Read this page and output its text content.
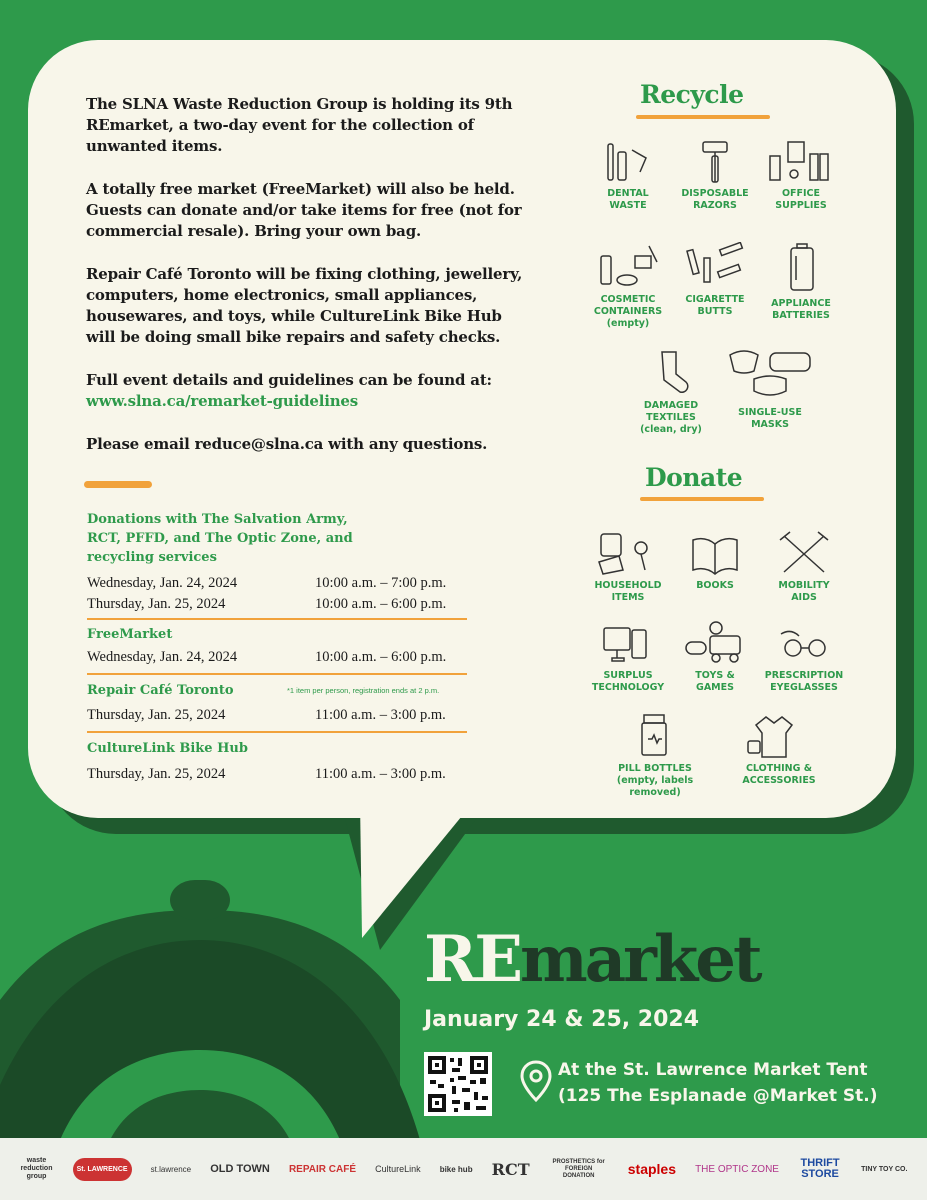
The SLNA Waste Reduction Group is holding its 9th REmarket, a two-day event for the collection of unwanted items.

A totally free market (FreeMarket) will also be held. Guests can donate and/or take items for free (not for commercial resale). Bring your own bag.

Repair Café Toronto will be fixing clothing, jewellery, computers, home electronics, small appliances, housewares, and toys, while CultureLink Bike Hub will be doing small bike repairs and safety checks.

Full event details and guidelines can be found at:
www.slna.ca/remarket-guidelines

Please email reduce@slna.ca with any questions.

Donations with The Salvation Army, RCT, PFFD, and The Optic Zone, and recycling services
Wednesday, Jan. 24, 2024	10:00 a.m. – 7:00 p.m.
Thursday, Jan. 25, 2024	10:00 a.m. – 6:00 p.m.
FreeMarket
Wednesday, Jan. 24, 2024	10:00 a.m. – 6:00 p.m.
Repair Café Toronto	*1 item per person, registration ends at 2 p.m.
Thursday, Jan. 25, 2024	11:00 a.m. – 3:00 p.m.
CultureLink Bike Hub
Thursday, Jan. 25, 2024	11:00 a.m. – 3:00 p.m.
Recycle
DENTAL
WASTE
DISPOSABLE
RAZORS
OFFICE
SUPPLIES
COSMETIC
CONTAINERS
(empty)
CIGARETTE
BUTTS
APPLIANCE
BATTERIES
DAMAGED
TEXTILES
(clean, dry)
SINGLE-USE
MASKS
Donate
HOUSEHOLD
ITEMS
BOOKS	MOBILITY
AIDS
SURPLUS
TECHNOLOGY
TOYS &
GAMES
PRESCRIPTION
EYEGLASSES
PILL BOTTLES
(empty, labels removed)
CLOTHING &
ACCESSORIES
REmarket
January 24 & 25, 2024
At the St. Lawrence Market Tent
(125 The Esplanade @Market St.)
waste reduction group
St. LAWRENCE	st.lawrence OLD TOWN REPAIR CAFÉ CultureLink bike hub RCT	PROSTHETICS for FOREIGN DONATION	staples THE OPTIC ZONE THRIFT STORE	TINY TOY CO.
